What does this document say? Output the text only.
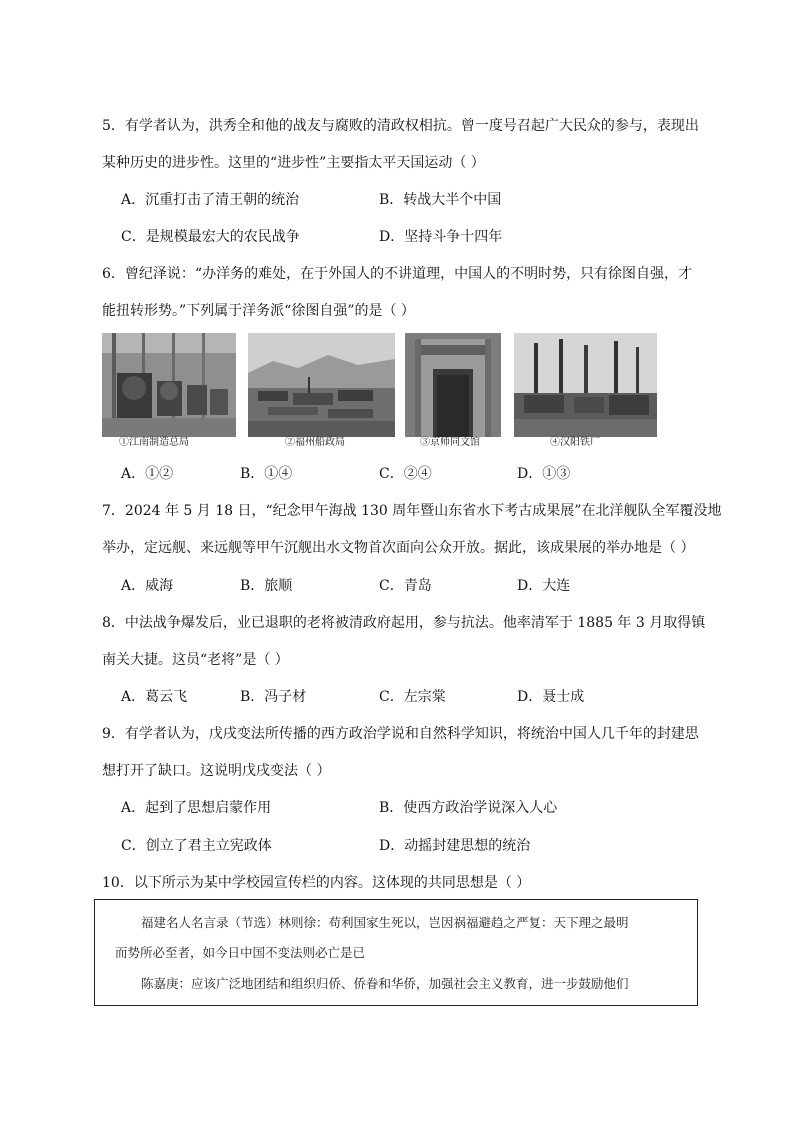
5．有学者认为，洪秀全和他的战友与腐败的清政权相抗。曾一度号召起广大民众的参与，表现出
某种历史的进步性。这里的“进步性”主要指太平天国运动（ ）
A．沉重打击了清王朝的统治	B．转战大半个中国
C．是规模最宏大的农民战争	D．坚持斗争十四年
6．曾纪泽说：“办洋务的难处，在于外国人的不讲道理，中国人的不明时势，只有徐图自强，才
能扭转形势。”下列属于洋务派“徐图自强”的是（ ）
①江南制造总局	②福州船政局	③京师同文馆	④汉阳铁厂
A．①②	B．①④	C．②④	D．①③
7．2024 年 5 月 18 日，“纪念甲午海战 130 周年暨山东省水下考古成果展”在北洋舰队全军覆没地
举办，定远舰、来远舰等甲午沉舰出水文物首次面向公众开放。据此，该成果展的举办地是（ ）
A．威海	B．旅顺	C．青岛	D．大连
8．中法战争爆发后，业已退职的老将被清政府起用，参与抗法。他率清军于 1885 年 3 月取得镇
南关大捷。这员“老将”是（ ）
A．葛云飞	B．冯子材	C．左宗棠	D．聂士成
9．有学者认为，戊戌变法所传播的西方政治学说和自然科学知识，将统治中国人几千年的封建思
想打开了缺口。这说明戊戌变法（ ）
A．起到了思想启蒙作用	B．使西方政治学说深入人心
C．创立了君主立宪政体	D．动摇封建思想的统治
10．以下所示为某中学校园宣传栏的内容。这体现的共同思想是（ ）
福建名人名言录（节选）林则徐：苟利国家生死以，岂因祸福避趋之严复：天下理之最明
而势所必至者，如今日中国不变法则必亡是已
陈嘉庚：应该广泛地团结和组织归侨、侨眷和华侨，加强社会主义教育，进一步鼓励他们
